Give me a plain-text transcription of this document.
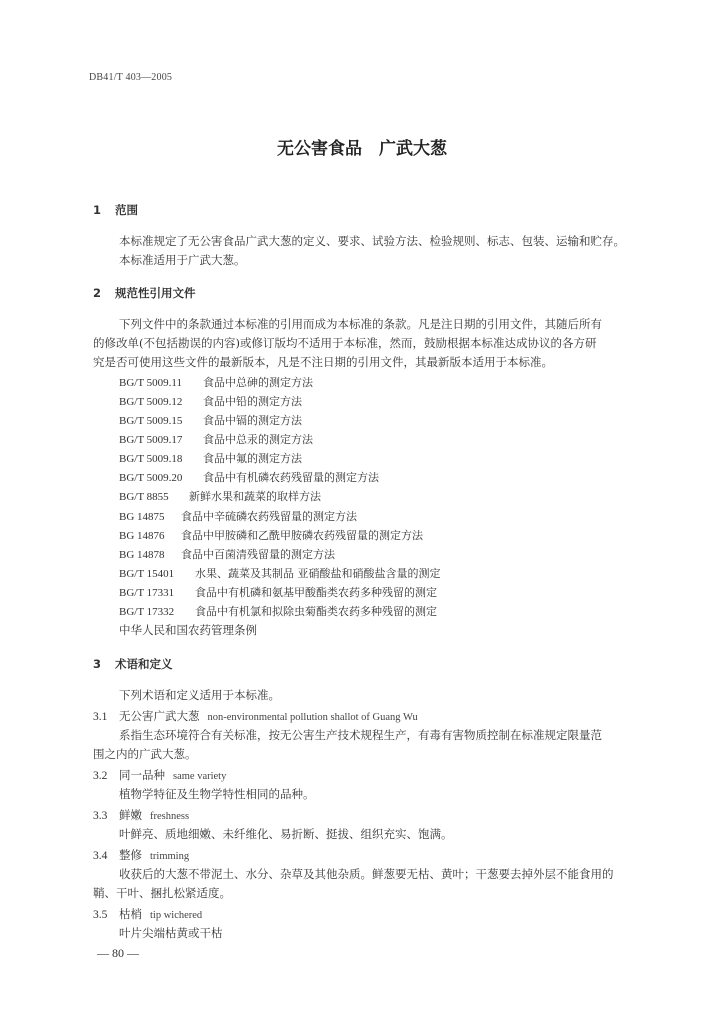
DB41/T 403—2005
无公害食品　广武大葱
1 范围
本标准规定了无公害食品广武大葱的定义、要求、试验方法、检验规则、标志、包装、运输和贮存。
本标准适用于广武大葱。
2 规范性引用文件
下列文件中的条款通过本标准的引用而成为本标准的条款。凡是注日期的引用文件，其随后所有
的修改单(不包括勘误的内容)或修订版均不适用于本标准，然而，鼓励根据本标准达成协议的各方研
究是否可使用这些文件的最新版本，凡是不注日期的引用文件，其最新版本适用于本标准。
BG/T 5009.11 食品中总砷的测定方法
BG/T 5009.12 食品中铅的测定方法
BG/T 5009.15 食品中镉的测定方法
BG/T 5009.17 食品中总汞的测定方法
BG/T 5009.18 食品中氟的测定方法
BG/T 5009.20 食品中有机磷农药残留量的测定方法
BG/T 8855 新鲜水果和蔬菜的取样方法
BG 14875 食品中辛硫磷农药残留量的测定方法
BG 14876 食品中甲胺磷和乙酰甲胺磷农药残留量的测定方法
BG 14878 食品中百菌清残留量的测定方法
BG/T 15401 水果、蔬菜及其制品 亚硝酸盐和硝酸盐含量的测定
BG/T 17331 食品中有机磷和氨基甲酸酯类农药多种残留的测定
BG/T 17332 食品中有机氯和拟除虫菊酯类农药多种残留的测定
中华人民和国农药管理条例
3 术语和定义
下列术语和定义适用于本标准。
3.1 无公害广武大葱 non-environmental pollution shallot of Guang Wu
系指生态环境符合有关标准，按无公害生产技术规程生产，有毒有害物质控制在标准规定限量范
围之内的广武大葱。
3.2 同一品种 same variety
植物学特征及生物学特性相同的品种。
3.3 鲜嫩 freshness
叶鲜亮、质地细嫩、未纤维化、易折断、挺拔、组织充实、饱满。
3.4 整修 trimming
收获后的大葱不带泥土、水分、杂草及其他杂质。鲜葱要无枯、黄叶；干葱要去掉外层不能食用的
鞘、干叶、捆扎松紧适度。
3.5 枯梢 tip wichered
叶片尖端枯黄或干枯
— 80 —
